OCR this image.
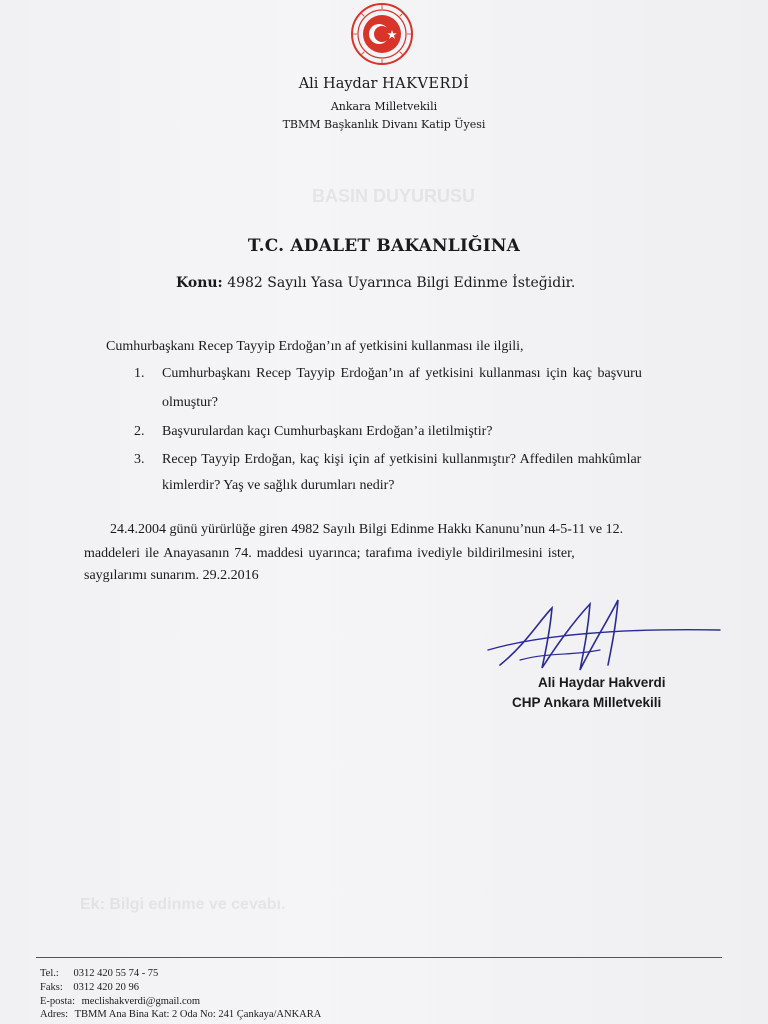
BASIN DUYURUSU
Ek: Bilgi edinme ve cevabı.
Ali Haydar HAKVERDİ
Ankara Milletvekili
TBMM Başkanlık Divanı Katip Üyesi
T.C. ADALET BAKANLIĞINA
Konu: 4982 Sayılı Yasa Uyarınca Bilgi Edinme İsteğidir.
Cumhurbaşkanı Recep Tayyip Erdoğan’ın af yetkisini kullanması ile ilgili,
1. Cumhurbaşkanı Recep Tayyip Erdoğan’ın af yetkisini kullanması için kaç başvuru
olmuştur?
2. Başvurulardan kaçı Cumhurbaşkanı Erdoğan’a iletilmiştir?
3. Recep Tayyip Erdoğan, kaç kişi için af yetkisini kullanmıştır? Affedilen mahkûmlar
kimlerdir? Yaş ve sağlık durumları nedir?
24.4.2004 günü yürürlüğe giren 4982 Sayılı Bilgi Edinme Hakkı Kanunu’nun 4-5-11 ve 12.
maddeleri ile Anayasanın 74. maddesi uyarınca; tarafıma ivediyle bildirilmesini ister,
saygılarımı sunarım. 29.2.2016
Ali Haydar Hakverdi
CHP Ankara Milletvekili
Tel.: 0312 420 55 74 - 75
Faks: 0312 420 20 96
E-posta: meclishakverdi@gmail.com
Adres: TBMM Ana Bina Kat: 2 Oda No: 241 Çankaya/ANKARA
